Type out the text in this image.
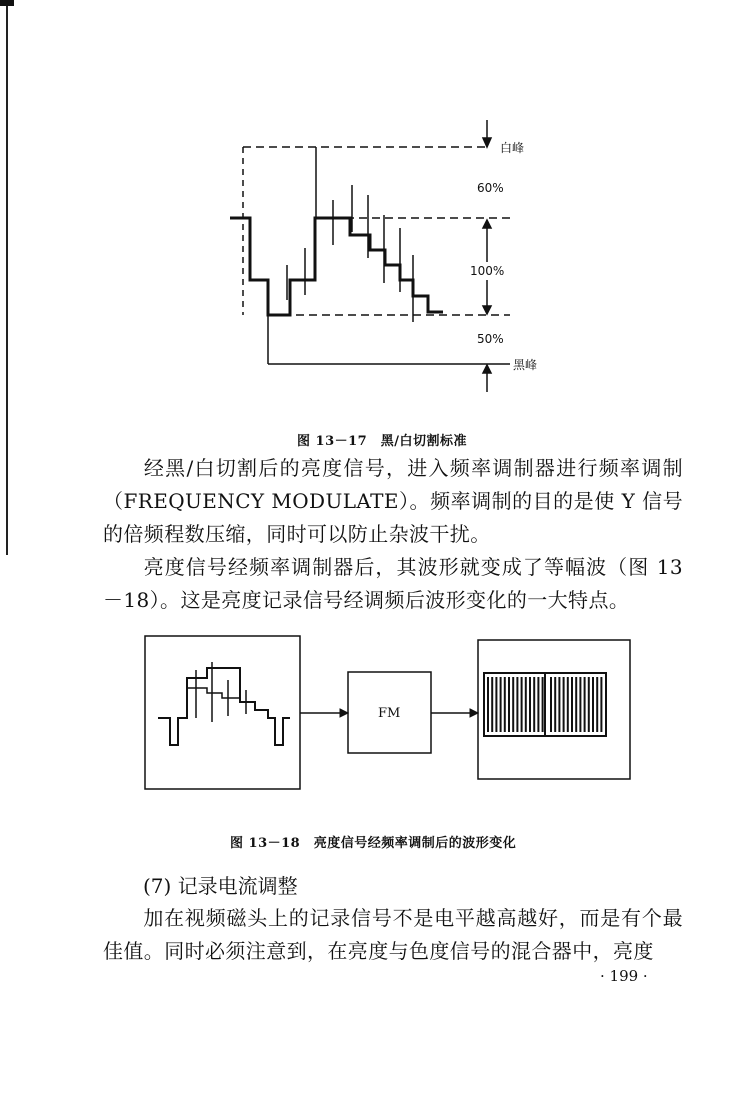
白峰
60%
100%
50%
黑峰
FM
图 13－17　黑/白切割标准
经黑/白切割后的亮度信号，进入频率调制器进行频率调制（FREQUENCY MODULATE）。频率调制的目的是使 Y 信号的倍频程数压缩，同时可以防止杂波干扰。
亮度信号经频率调制器后，其波形就变成了等幅波（图 13－18）。这是亮度记录信号经调频后波形变化的一大特点。
图 13－18　亮度信号经频率调制后的波形变化
(7) 记录电流调整
加在视频磁头上的记录信号不是电平越高越好，而是有个最佳值。同时必须注意到，在亮度与色度信号的混合器中，亮度
· 199 ·
